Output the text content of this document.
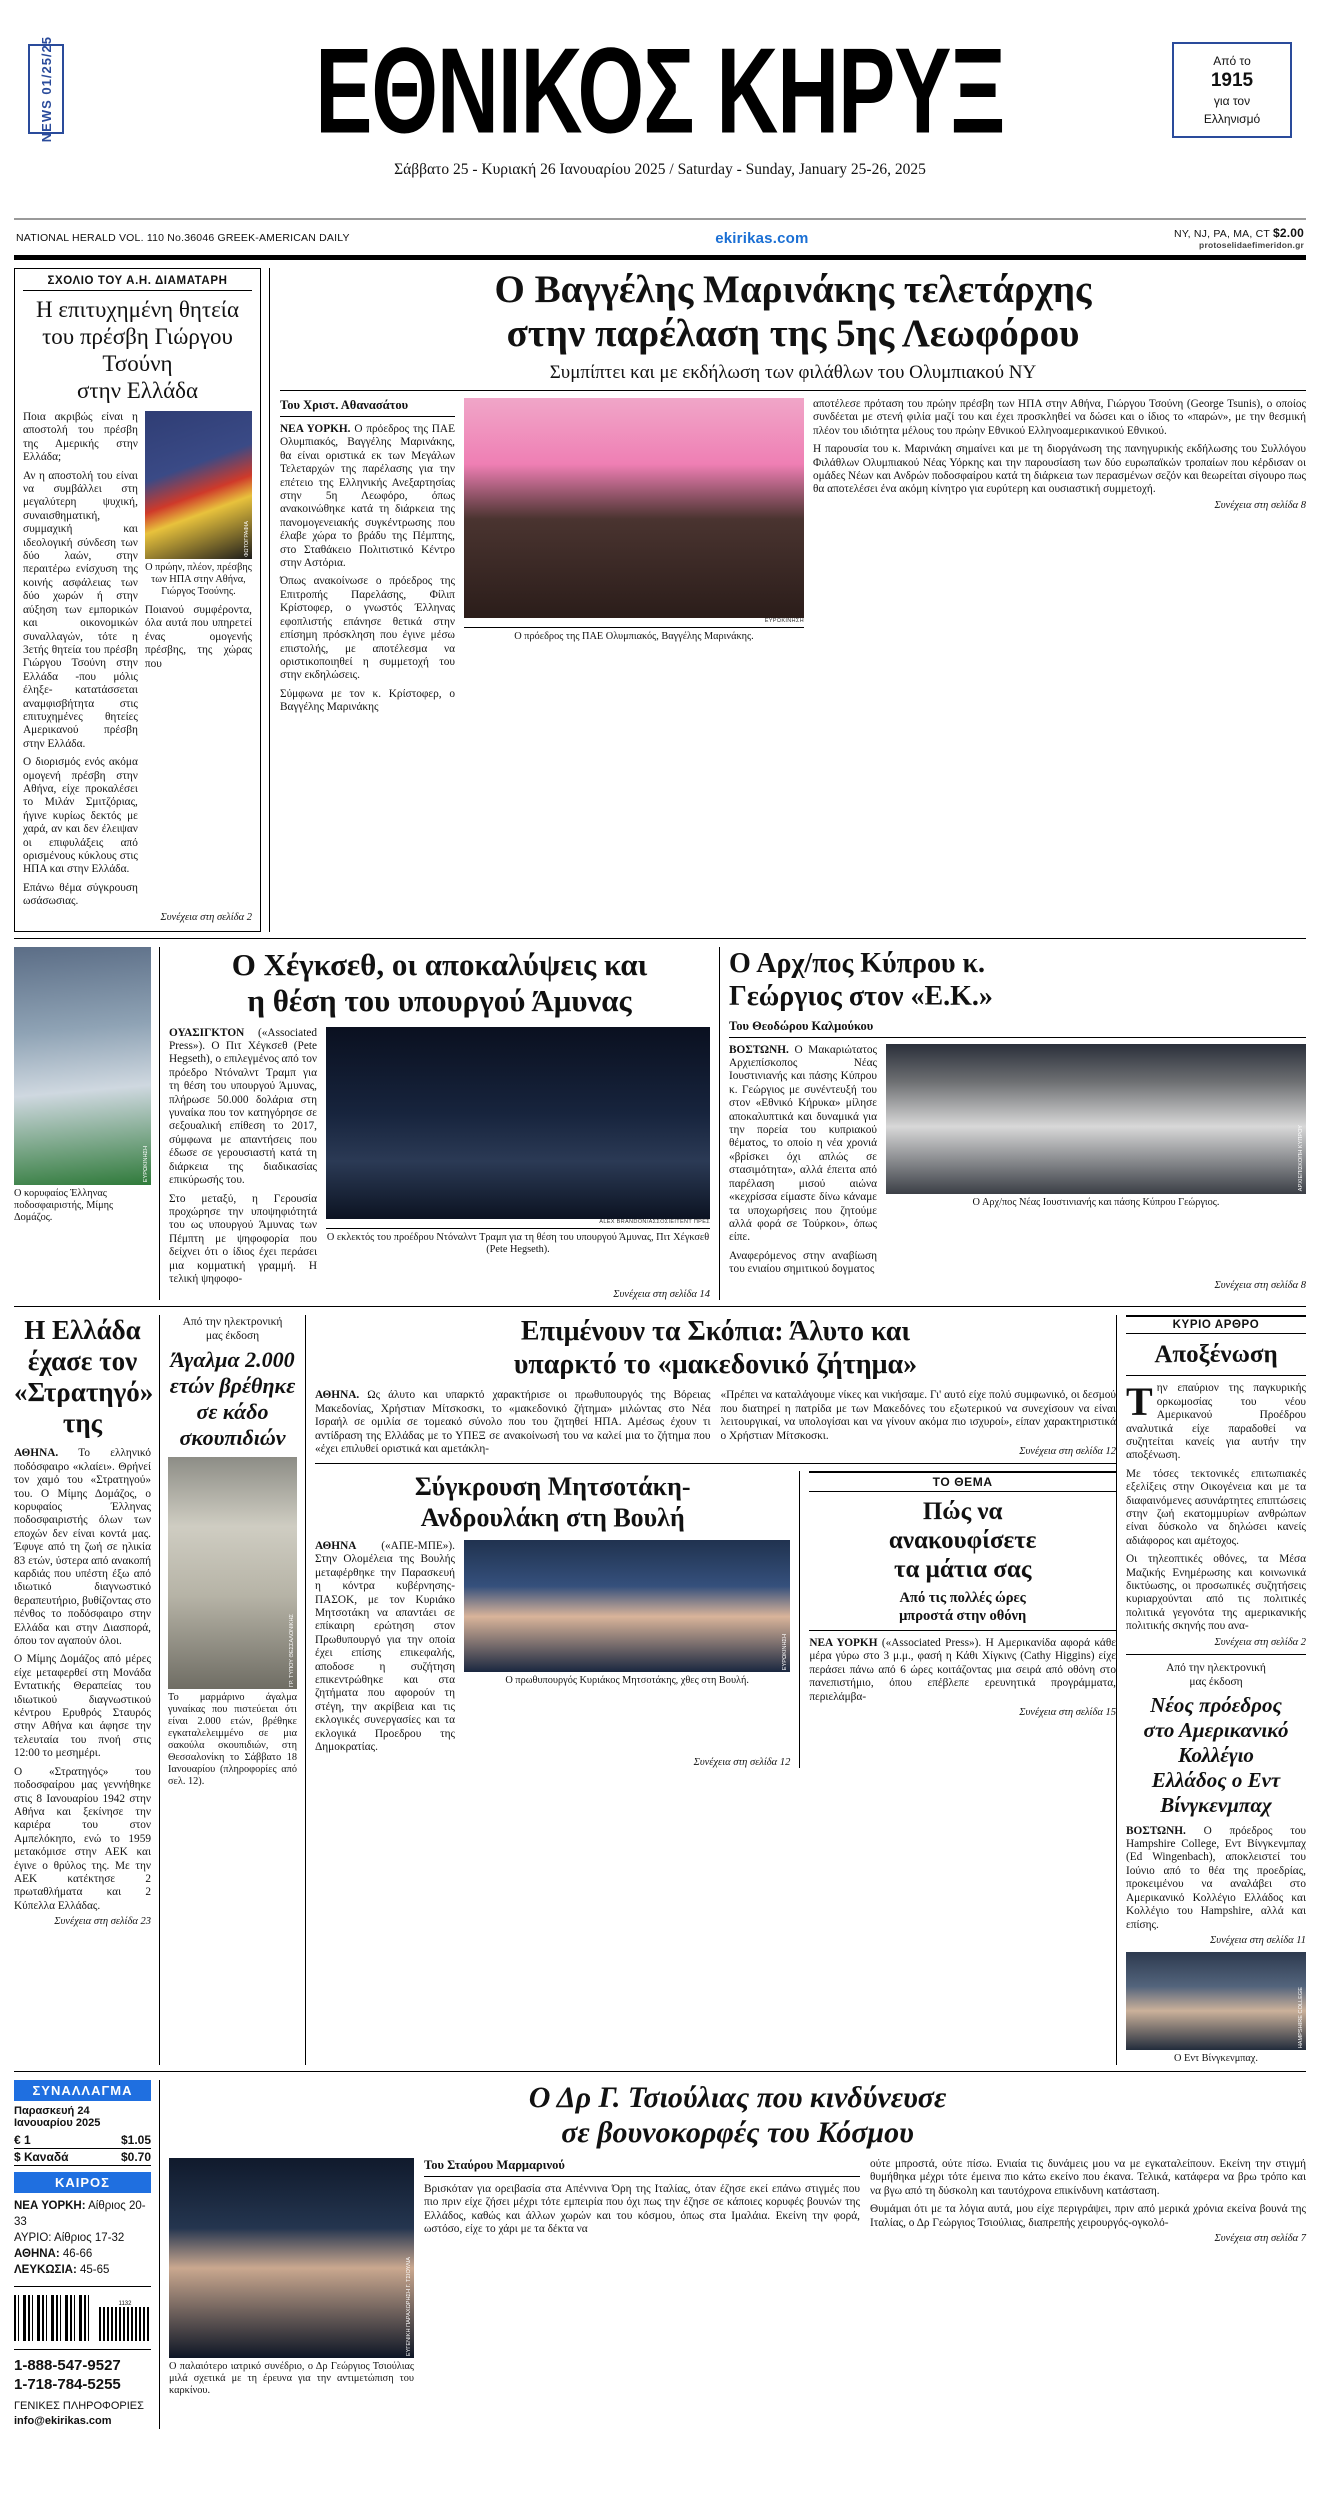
NEWS 01/25/25	ΕΘΝΙΚΟΣ ΚΗΡΥΞ	Από το
1915
για τον
Ελληνισμό
Σάββατο 25 - Κυριακή 26 Ιανουαρίου 2025 / Saturday - Sunday, January 25-26, 2025
NATIONAL HERALD VOL. 110 No.36046 GREEK-AMERICAN DAILY	ekirikas.com	NY, NJ, PA, MA, CT $2.00
protoselidaefimeridon.gr
ΣΧΟΛΙΟ ΤΟΥ Α.Η. ΔΙΑΜΑΤΑΡΗ
Η επιτυχημένη θητεία
του πρέσβη Γιώργου Τσούνη
στην Ελλάδα

Ποια ακριβώς είναι η αποστολή του πρέσβη της Αμερικής στην Ελλάδα;

Αν η αποστολή του είναι να συμβάλλει στη μεγαλύτερη ψυχική, συναισθηματική, συμμαχική και ιδεολογική σύνδεση των δύο λαών, στην περαιτέρω ενίσχυση της κοινής ασφάλειας των δύο χωρών ή στην αύξηση των εμπορικών και οικονομικών συναλλαγών, τότε η 3ετής θητεία του πρέσβη Γιώργου Τσούνη στην Ελλάδα -που μόλις έληξε- κατατάσσεται αναμφισβήτητα στις επιτυχημένες θητείες Αμερικανού πρέσβη στην Ελλάδα.

Ο διορισμός ενός ακόμα ομογενή πρέσβη στην Αθήνα, είχε προκαλέσει το Μιλάν Σμιτζόριας, ήγινε κυρίως δεκτός με χαρά, αν και δεν έλειψαν οι επιφυλάξεις από ορισμένους κύκλους στις ΗΠΑ και στην Ελλάδα.

Επάνω θέμα σύγκρουση ωσάσωσιας.

ΦΩΤΟΓΡΑΦΙΑ
Ο πρώην, πλέον, πρέσβης των ΗΠΑ στην Αθήνα, Γιώργος Τσούνης.

Ποιανού συμφέροντα, όλα αυτά που υπηρετεί ένας ομογενής πρέσβης, της χώρας που

Συνέχεια στη σελίδα 2
Ο Βαγγέλης Μαρινάκης τελετάρχης
στην παρέλαση της 5ης Λεωφόρου
Συμπίπτει και με εκδήλωση των φιλάθλων του Ολυμπιακού ΝΥ
Του Χριστ. Αθανασάτου

ΝΕΑ ΥΟΡΚΗ. Ο πρόεδρος της ΠΑΕ Ολυμπιακός, Βαγγέλης Μαρινάκης, θα είναι οριστικά εκ των Μεγάλων Τελεταρχών της παρέλασης για την επέτειο της Ελληνικής Ανεξαρτησίας στην 5η Λεωφόρο, όπως ανακοινώθηκε κατά τη διάρκεια της πανομογενειακής συγκέντρωσης που έλαβε χώρα το βράδυ της Πέμπτης, στο Σταθάκειο Πολιτιστικό Κέντρο στην Αστόρια.

Όπως ανακοίνωσε ο πρόεδρος της Επιτροπής Παρελάσης, Φίλιπ Κρίστοφερ, ο γνωστός Έλληνας εφοπλιστής επάνησε θετικά στην επίσημη πρόσκληση που έγινε μέσω επιστολής, με αποτέλεσμα να οριστικοποιηθεί η συμμετοχή του στην εκδηλώσεις.

Σύμφωνα με τον κ. Κρίστοφερ, ο Βαγγέλης Μαρινάκης

ΕΥΡΩΚΙΝΗΣΗ
Ο πρόεδρος της ΠΑΕ Ολυμπιακός, Βαγγέλης Μαρινάκης.

αποτέλεσε πρόταση του πρώην πρέσβη των ΗΠΑ στην Αθήνα, Γιώργου Τσούνη (George Tsunis), ο οποίος συνδέεται με στενή φιλία μαζί του και έχει προσκληθεί να δώσει και ο ίδιος το «παρών», με την θεσμική πλέον του ιδιότητα μέλους του πρώην Εθνικού Ελληνοαμερικανικού Εθνικού.

Η παρουσία του κ. Μαρινάκη σημαίνει και με τη διοργάνωση της πανηγυρικής εκδήλωσης του Συλλόγου Φιλάθλων Ολυμπιακού Νέας Υόρκης και την παρουσίαση των δύο ευρωπαϊκών τροπαίων που κέρδισαν οι ομάδες Νέων και Ανδρών ποδοσφαίρου κατά τη διάρκεια των περασμένων σεζόν και θεωρείται σίγουρο πως θα αποτελέσει ένα ακόμη κίνητρο για ευρύτερη και ουσιαστική συμμετοχή.

Συνέχεια στη σελίδα 8
ΕΥΡΩΚΙΝΗΣΗ
Ο κορυφαίος Έλληνας ποδοσφαιριστής, Μίμης Δομάζος.
Ο Χέγκσεθ, οι αποκαλύψεις και
η θέση του υπουργού Άμυνας

ΟΥΑΣΙΓΚΤΟΝ («Associated Press»). Ο Πιτ Χέγκσεθ (Pete Hegseth), ο επιλεγμένος από τον πρόεδρο Ντόναλντ Τραμπ για τη θέση του υπουργού Άμυνας, πλήρωσε 50.000 δολάρια στη γυναίκα που τον κατηγόρησε σε σεξουαλική επίθεση το 2017, σύμφωνα με απαντήσεις που έδωσε σε γερουσιαστή κατά τη διάρκεια της διαδικασίας επικύρωσής του.

Στο μεταξύ, η Γερουσία προχώρησε την υποψηφιότητά του ως υπουργού Άμυνας των Πέμπτη με ψηφοφορία που δείχνει ότι ο ίδιος έχει περάσει μια κομματική γραμμή. Η τελική ψηφοφο-

ALEX BRANDON/ΑΣΣΟΣΙΕΪΤΕΝΤ ΠΡΕΣ
Ο εκλεκτός του προέδρου Ντόναλντ Τραμπ για τη θέση του υπουργού Άμυνας, Πιτ Χέγκσεθ (Pete Hegseth).
Συνέχεια στη σελίδα 14
Ο Αρχ/πος Κύπρου κ.
Γεώργιος στον «Ε.Κ.»
Του Θεοδώρου Καλμούκου

ΒΟΣΤΩΝΗ. Ο Μακαριώτατος Αρχιεπίσκοπος Νέας Ιουστινιανής και πάσης Κύπρου κ. Γεώργιος με συνέντευξή του στον «Εθνικό Κήρυκα» μίλησε αποκαλυπτικά και δυναμικά για την πορεία του κυπριακού θέματος, το οποίο η νέα χρονιά «βρίσκει όχι απλώς σε στασιμότητα», αλλά έπειτα από παρέλαση μισού αιώνα «κεχρίσσα είμαστε δίνω κάναμε τα υποχωρήσεις που ζητούμε αλλά φορά σε Τούρκοι», όπως είπε.

Αναφερόμενος στην αναβίωση του ενιαίου σημιτικού δογματος

ΑΡΧΙΕΠΙΣΚΟΠΗ ΚΥΠΡΟΥ
Ο Αρχ/πος Νέας Ιουστινιανής και πάσης Κύπρου Γεώργιος.
Συνέχεια στη σελίδα 8
Η Ελλάδα
έχασε τον
«Στρατηγό»
της

ΑΘΗΝΑ. Το ελληνικό ποδόσφαιρο «κλαίει». Θρήνεί τον χαμό του «Στρατηγού» του. Ο Μίμης Δομάζος, ο κορυφαίος Έλληνας ποδοσφαιριστής όλων των εποχών δεν είναι κοντά μας. Έφυγε από τη ζωή σε ηλικία 83 ετών, ύστερα από ανακοπή καρδιάς που υπέστη έξω από ιδιωτικό διαγνωστικό θεραπευτήριο, βυθίζοντας στο πένθος το ποδόσφαιρο στην Ελλάδα και στην Διασπορά, όπου τον αγαπούν όλοι.

Ο Μίμης Δομάζος από μέρες είχε μεταφερθεί στη Μονάδα Εντατικής Θεραπείας του ιδιωτικού διαγνωστικού κέντρου Ερυθρός Σταυρός στην Αθήνα και άφησε την τελευταία του πνοή στις 12:00 το μεσημέρι.

Ο «Στρατηγός» του ποδοσφαίρου μας γεννήθηκε στις 8 Ιανουαρίου 1942 στην Αθήνα και ξεκίνησε την καριέρα του στον Αμπελόκηπο, ενώ το 1959 μετακόμισε στην ΑΕΚ και έγινε ο θρύλος της. Με την ΑΕΚ κατέκτησε 2 πρωταθλήματα και 2 Κύπελλα Ελλάδας.

Συνέχεια στη σελίδα 23
Από την ηλεκτρονική
μας έκδοση
Άγαλμα 2.000
ετών βρέθηκε
σε κάδο
σκουπιδιών
ΓΡ. ΤΥΠΟΥ ΘΕΣΣΑΛΟΝΙΚΗΣ
Το μαρμάρινο άγαλμα γυναίκας που πιστεύεται ότι είναι 2.000 ετών, βρέθηκε εγκαταλελειμμένο σε μια σακούλα σκουπιδιών, στη Θεσσαλονίκη το Σάββατο 18 Ιανουαρίου (πληροφορίες από σελ. 12).
Επιμένουν τα Σκόπια: Άλυτο και
υπαρκτό το «μακεδονικό ζήτημα»

ΑΘΗΝΑ. Ως άλυτο και υπαρκτό χαρακτήρισε οι πρωθυπουργός της Βόρειας Μακεδονίας, Χρήστιαν Μίτσκοσκι, το «μακεδονικό ζήτημα» μιλώντας στο Νέα Ισραήλ σε ομιλία σε τομεακό σύνολο που του ζητηθεί ΗΠΑ. Αμέσως έχουν τι αντίδραση της Ελλάδας με το ΥΠΕΞ σε ανακοίνωσή του να καλεί μια το ζήτημα που «έχει επιλυθεί οριστικά και αμετάκλη-

«Πρέπει να καταλάγουμε νίκες και νικήσαμε. Γι' αυτό είχε πολύ συμφωνικό, οι δεσμού που διατηρεί η πατρίδα με των Μακεδόνες του εξωτερικού να συνεχίσουν να είναι λειτουργικαί, να υπολογίσαι και να γίνουν ακόμα πιο ισχυροί», είπαν χαρακτηριστικά ο Χρήστιαν Μίτσκοσκι.

Συνέχεια στη σελίδα 12
Σύγκρουση Μητσοτάκη-
Ανδρουλάκη στη Βουλή

ΑΘΗΝΑ («ΑΠΕ-ΜΠΕ»). Στην Ολομέλεια της Βουλής μεταφέρθηκε την Παρασκευή η κόντρα κυβέρνησης-ΠΑΣΟΚ, με τον Κυριάκο Μητσοτάκη να απαντάει σε επίκαιρη ερώτηση στον Πρωθυπουργό για την οποία έχει επίσης επικεφαλής, αποδοσε η συζήτηση επικεντρώθηκε και στα ζητήματα που αφορούν τη στέγη, την ακρίβεια και τις εκλογικές συνεργασίες και τα εκλογικά Προεδρου της Δημοκρατίας.

ΕΥΡΩΚΙΝΗΣΗ
Ο πρωθυπουργός Κυριάκος Μητσοτάκης, χθες στη Βουλή.
Συνέχεια στη σελίδα 12
ΤΟ ΘΕΜΑ
Πώς να
ανακουφίσετε
τα μάτια σας
Από τις πολλές ώρες
μπροστά στην οθόνη

ΝΕΑ ΥΟΡΚΗ («Associated Press»). Η Αμερικανίδα αφορά κάθε μέρα γύρω στο 3 μ.μ., φασή η Κάθι Χίγκινς (Cathy Higgins) είχε περάσει πάνω από 6 ώρες κοιτάζοντας μια σειρά από οθόνη στο πανεπιστήμιο, όπου επέβλεπε ερευνητικά προγράμματα, περιελάμβα-

Συνέχεια στη σελίδα 15
ΚΥΡΙΟ ΑΡΘΡΟ
Αποξένωση
Τ ην επαύριον της παγκυρικής ορκωμοσίας του νέου Αμερικανού Προέδρου αναλυτικά είχε παραδοθεί να συζητείται κανείς για αυτήν την αποξένωση.

Με τόσες τεκτονικές επιτωπιακές εξελίξεις στην Οικογένεια και με τα διαφαινόμενες ασυνάρτητες επιπτώσεις στην ζωή εκατομμυρίων ανθρώπων είναι δύσκολο να δηλώσει κανείς αδιάφορος και αμέτοχος.

Οι τηλεοπτικές οθόνες, τα Μέσα Μαζικής Ενημέρωσης και κοινωνικά δικτύωσης, οι προσωπικές συζητήσεις κυριαρχούνται από τις πολιτικές πολιτικά γεγονότα της αμερικανικής πολιτικής σκηνής που ανα-

Συνέχεια στη σελίδα 2
Από την ηλεκτρονική
μας έκδοση
Νέος πρόεδρος
στο Αμερικανικό
Κολλέγιο
Ελλάδος ο Εντ
Βίνγκενμπαχ

ΒΟΣΤΩΝΗ. Ο πρόεδρος του Hampshire College, Εντ Βίνγκενμπαχ (Ed Wingenbach), αποκλειστεί του Ιούνιο από το θέα της προεδρίας, προκειμένου να αναλάβει στο Αμερικανικό Κολλέγιο Ελλάδος και Κολλέγιο του Hampshire, αλλά και επίσης.

Συνέχεια στη σελίδα 11
HAMPSHIRE COLLEGE
Ο Εντ Βίνγκενμπαχ.
ΣΥΝΑΛΛΑΓΜΑ
Παρασκευή 24 Ιανουαρίου 2025
€ 1	$1.05
$ Καναδά	$0.70
ΚΑΙΡΟΣ
ΝΕΑ ΥΟΡΚΗ: Αίθριος 20-33
ΑΥΡΙΟ: Αίθριος 17-32
ΑΘΗΝΑ: 46-66
ΛΕΥΚΩΣΙΑ: 45-65
1132
1-888-547-9527
1-718-784-5255
ΓΕΝΙΚΕΣ ΠΛΗΡΟΦΟΡΙΕΣ
info@ekirikas.com
Ο Δρ Γ. Τσιούλιας που κινδύνευσε
σε βουνοκορφές του Κόσμου
ΕΥΓΕΝΙΚΗ ΠΑΡΑΧΩΡΗΣΗ Γ. ΤΣΙΟΥΛΙΑ
Ο παλαιότερο ιατρικό συνέδριο, ο Δρ Γεώργιος Τσιούλιας μιλά σχετικά με τη έρευνα για την αντιμετώπιση του καρκίνου.
Του Σταύρου Μαρμαρινού

Βρισκόταν για ορειβασία στα Απέννινα Όρη της Ιταλίας, όταν έζησε εκεί επάνω στιγμές που πιο πριν είχε ζήσει μέχρι τότε εμπειρία που όχι πως την έζησε σε κάποιες κορυφές βουνών της Ελλάδος, καθώς και άλλων χωρών και του κόσμου, όπως στα Ιμαλάια. Εκείνη την φορά, ωστόσο, είχε το χάρι με τα δέκτα να

ούτε μπροστά, ούτε πίσω. Ενιαία τις δυνάμεις μου να με εγκαταλείπουν. Εκείνη την στιγμή θυμήθηκα μέχρι τότε έμεινα πιο κάτω εκείνο που έκανα. Τελικά, κατάφερα να βρω τρόπο και να βγω από τη δύσκολη και ταυτόχρονα επικίνδυνη κατάσταση.

Θυμάμαι ότι με τα λόγια αυτά, μου είχε περιγράψει, πριν από μερικά χρόνια εκείνα βουνά της Ιταλίας, ο Δρ Γεώργιος Τσιούλιας, διαπρεπής χειρουργός-ογκολό-

Συνέχεια στη σελίδα 7
